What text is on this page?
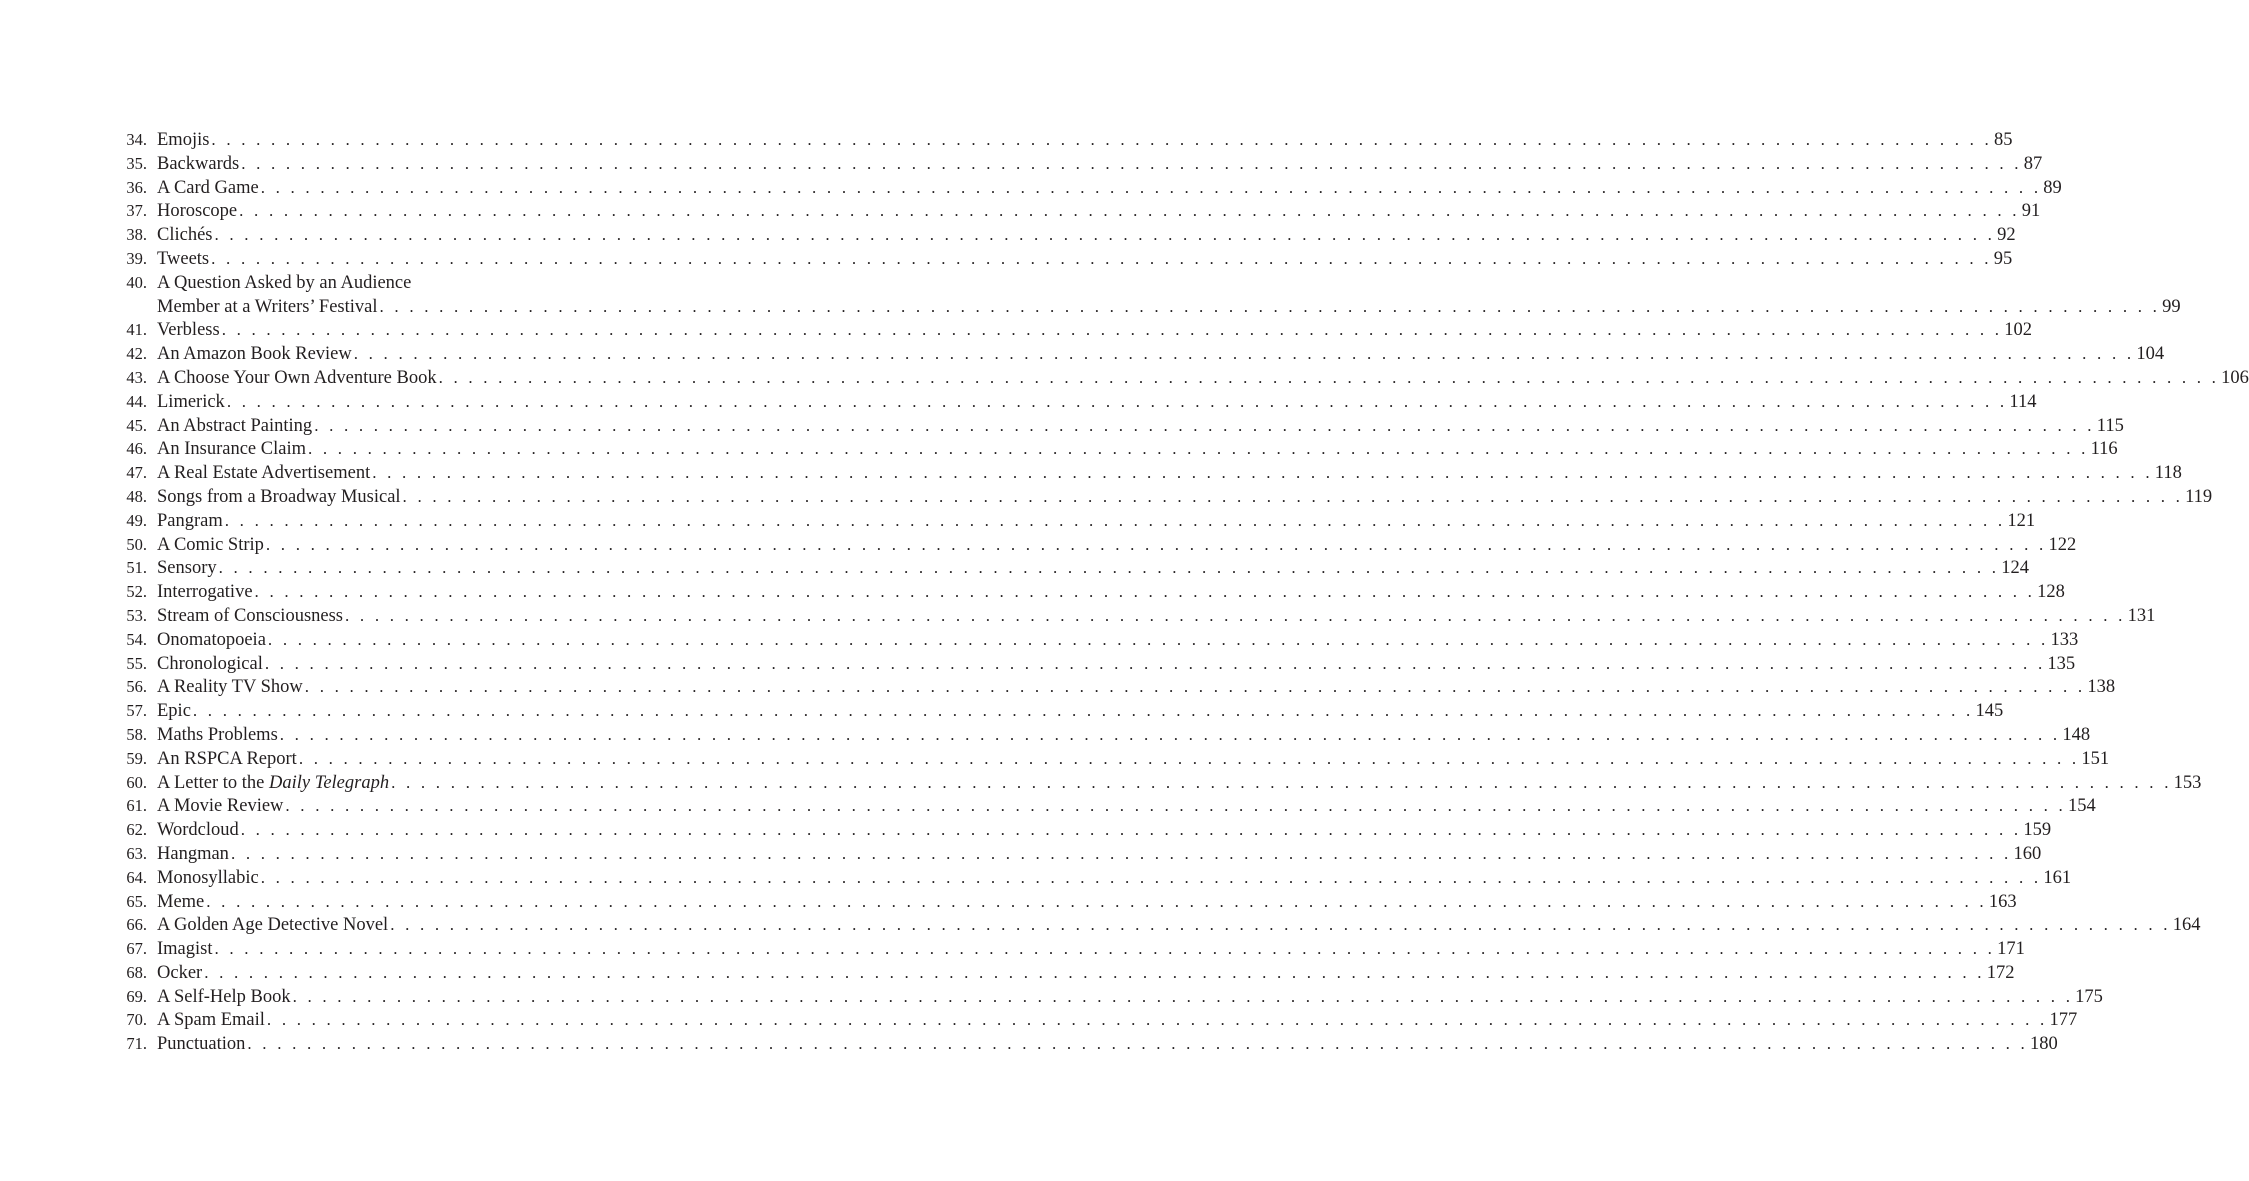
34. Emojis . . . . . . . . . . . . . . . . . . . . . . . . . . . . . . . . . . . . . . . . . . . . . . . . . . . . . . . . . . . . . . . . . . . . . . . . . . . . . . . . . . . . . . . . . . . . . . . . . . . . . . . . . . . . . . . . . . . . . . . . 85
35. Backwards . . . . . . . . . . . . . . . . . . . . . . . . . . . . . . . . . . . . . . . . . . . . . . . . . . . . . . . . . . . . . . . . . . . . . . . . . . . . . . . . . . . . . . . . . . . . . . . . . . . . . . . . . . . . . . . . . . . . . . . . 87
36. A Card Game . . . . . . . . . . . . . . . . . . . . . . . . . . . . . . . . . . . . . . . . . . . . . . . . . . . . . . . . . . . . . . . . . . . . . . . . . . . . . . . . . . . . . . . . . . . . . . . . . . . . . . . . . . . . . . . . . . . . . . . . 89
37. Horoscope . . . . . . . . . . . . . . . . . . . . . . . . . . . . . . . . . . . . . . . . . . . . . . . . . . . . . . . . . . . . . . . . . . . . . . . . . . . . . . . . . . . . . . . . . . . . . . . . . . . . . . . . . . . . . . . . . . . . . . . . 91
38. Clichés . . . . . . . . . . . . . . . . . . . . . . . . . . . . . . . . . . . . . . . . . . . . . . . . . . . . . . . . . . . . . . . . . . . . . . . . . . . . . . . . . . . . . . . . . . . . . . . . . . . . . . . . . . . . . . . . . . . . . . . . 92
39. Tweets . . . . . . . . . . . . . . . . . . . . . . . . . . . . . . . . . . . . . . . . . . . . . . . . . . . . . . . . . . . . . . . . . . . . . . . . . . . . . . . . . . . . . . . . . . . . . . . . . . . . . . . . . . . . . . . . . . . . . . . . 95
40. A Question Asked by an Audience
Member at a Writers’ Festival . . . . . . . . . . . . . . . . . . . . . . . . . . . . . . . . . . . . . . . . . . . . . . . . . . . . . . . . . . . . . . . . . . . . . . . . . . . . . . . . . . . . . . . . . . . . . . . . . . . . . . . . . . . . . . . . . . . . . . . . 99
41. Verbless . . . . . . . . . . . . . . . . . . . . . . . . . . . . . . . . . . . . . . . . . . . . . . . . . . . . . . . . . . . . . . . . . . . . . . . . . . . . . . . . . . . . . . . . . . . . . . . . . . . . . . . . . . . . . . . . . . . . . . . . 102
42. An Amazon Book Review . . . . . . . . . . . . . . . . . . . . . . . . . . . . . . . . . . . . . . . . . . . . . . . . . . . . . . . . . . . . . . . . . . . . . . . . . . . . . . . . . . . . . . . . . . . . . . . . . . . . . . . . . . . . . . . . . . . . . . . . 104
43. A Choose Your Own Adventure Book . . . . . . . . . . . . . . . . . . . . . . . . . . . . . . . . . . . . . . . . . . . . . . . . . . . . . . . . . . . . . . . . . . . . . . . . . . . . . . . . . . . . . . . . . . . . . . . . . . . . . . . . . . . . . . . . . . . . . . . . 106
44. Limerick . . . . . . . . . . . . . . . . . . . . . . . . . . . . . . . . . . . . . . . . . . . . . . . . . . . . . . . . . . . . . . . . . . . . . . . . . . . . . . . . . . . . . . . . . . . . . . . . . . . . . . . . . . . . . . . . . . . . . . . . 114
45. An Abstract Painting . . . . . . . . . . . . . . . . . . . . . . . . . . . . . . . . . . . . . . . . . . . . . . . . . . . . . . . . . . . . . . . . . . . . . . . . . . . . . . . . . . . . . . . . . . . . . . . . . . . . . . . . . . . . . . . . . . . . . . . . 115
46. An Insurance Claim . . . . . . . . . . . . . . . . . . . . . . . . . . . . . . . . . . . . . . . . . . . . . . . . . . . . . . . . . . . . . . . . . . . . . . . . . . . . . . . . . . . . . . . . . . . . . . . . . . . . . . . . . . . . . . . . . . . . . . . . 116
47. A Real Estate Advertisement . . . . . . . . . . . . . . . . . . . . . . . . . . . . . . . . . . . . . . . . . . . . . . . . . . . . . . . . . . . . . . . . . . . . . . . . . . . . . . . . . . . . . . . . . . . . . . . . . . . . . . . . . . . . . . . . . . . . . . . . 118
48. Songs from a Broadway Musical . . . . . . . . . . . . . . . . . . . . . . . . . . . . . . . . . . . . . . . . . . . . . . . . . . . . . . . . . . . . . . . . . . . . . . . . . . . . . . . . . . . . . . . . . . . . . . . . . . . . . . . . . . . . . . . . . . . . . . . . 119
49. Pangram . . . . . . . . . . . . . . . . . . . . . . . . . . . . . . . . . . . . . . . . . . . . . . . . . . . . . . . . . . . . . . . . . . . . . . . . . . . . . . . . . . . . . . . . . . . . . . . . . . . . . . . . . . . . . . . . . . . . . . . . 121
50. A Comic Strip . . . . . . . . . . . . . . . . . . . . . . . . . . . . . . . . . . . . . . . . . . . . . . . . . . . . . . . . . . . . . . . . . . . . . . . . . . . . . . . . . . . . . . . . . . . . . . . . . . . . . . . . . . . . . . . . . . . . . . . . 122
51. Sensory . . . . . . . . . . . . . . . . . . . . . . . . . . . . . . . . . . . . . . . . . . . . . . . . . . . . . . . . . . . . . . . . . . . . . . . . . . . . . . . . . . . . . . . . . . . . . . . . . . . . . . . . . . . . . . . . . . . . . . . . 124
52. Interrogative . . . . . . . . . . . . . . . . . . . . . . . . . . . . . . . . . . . . . . . . . . . . . . . . . . . . . . . . . . . . . . . . . . . . . . . . . . . . . . . . . . . . . . . . . . . . . . . . . . . . . . . . . . . . . . . . . . . . . . . . 128
53. Stream of Consciousness . . . . . . . . . . . . . . . . . . . . . . . . . . . . . . . . . . . . . . . . . . . . . . . . . . . . . . . . . . . . . . . . . . . . . . . . . . . . . . . . . . . . . . . . . . . . . . . . . . . . . . . . . . . . . . . . . . . . . . . . 131
54. Onomatopoeia . . . . . . . . . . . . . . . . . . . . . . . . . . . . . . . . . . . . . . . . . . . . . . . . . . . . . . . . . . . . . . . . . . . . . . . . . . . . . . . . . . . . . . . . . . . . . . . . . . . . . . . . . . . . . . . . . . . . . . . . 133
55. Chronological . . . . . . . . . . . . . . . . . . . . . . . . . . . . . . . . . . . . . . . . . . . . . . . . . . . . . . . . . . . . . . . . . . . . . . . . . . . . . . . . . . . . . . . . . . . . . . . . . . . . . . . . . . . . . . . . . . . . . . . . 135
56. A Reality TV Show . . . . . . . . . . . . . . . . . . . . . . . . . . . . . . . . . . . . . . . . . . . . . . . . . . . . . . . . . . . . . . . . . . . . . . . . . . . . . . . . . . . . . . . . . . . . . . . . . . . . . . . . . . . . . . . . . . . . . . . . 138
57. Epic . . . . . . . . . . . . . . . . . . . . . . . . . . . . . . . . . . . . . . . . . . . . . . . . . . . . . . . . . . . . . . . . . . . . . . . . . . . . . . . . . . . . . . . . . . . . . . . . . . . . . . . . . . . . . . . . . . . . . . . . 145
58. Maths Problems . . . . . . . . . . . . . . . . . . . . . . . . . . . . . . . . . . . . . . . . . . . . . . . . . . . . . . . . . . . . . . . . . . . . . . . . . . . . . . . . . . . . . . . . . . . . . . . . . . . . . . . . . . . . . . . . . . . . . . . . 148
59. An RSPCA Report . . . . . . . . . . . . . . . . . . . . . . . . . . . . . . . . . . . . . . . . . . . . . . . . . . . . . . . . . . . . . . . . . . . . . . . . . . . . . . . . . . . . . . . . . . . . . . . . . . . . . . . . . . . . . . . . . . . . . . . . 151
60. A Letter to the Daily Telegraph . . . . . . . . . . . . . . . . . . . . . . . . . . . . . . . . . . . . . . . . . . . . . . . . . . . . . . . . . . . . . . . . . . . . . . . . . . . . . . . . . . . . . . . . . . . . . . . . . . . . . . . . . . . . . . . . . . . . . . . . 153
61. A Movie Review . . . . . . . . . . . . . . . . . . . . . . . . . . . . . . . . . . . . . . . . . . . . . . . . . . . . . . . . . . . . . . . . . . . . . . . . . . . . . . . . . . . . . . . . . . . . . . . . . . . . . . . . . . . . . . . . . . . . . . . . 154
62. Wordcloud . . . . . . . . . . . . . . . . . . . . . . . . . . . . . . . . . . . . . . . . . . . . . . . . . . . . . . . . . . . . . . . . . . . . . . . . . . . . . . . . . . . . . . . . . . . . . . . . . . . . . . . . . . . . . . . . . . . . . . . . 159
63. Hangman . . . . . . . . . . . . . . . . . . . . . . . . . . . . . . . . . . . . . . . . . . . . . . . . . . . . . . . . . . . . . . . . . . . . . . . . . . . . . . . . . . . . . . . . . . . . . . . . . . . . . . . . . . . . . . . . . . . . . . . . 160
64. Monosyllabic . . . . . . . . . . . . . . . . . . . . . . . . . . . . . . . . . . . . . . . . . . . . . . . . . . . . . . . . . . . . . . . . . . . . . . . . . . . . . . . . . . . . . . . . . . . . . . . . . . . . . . . . . . . . . . . . . . . . . . . . 161
65. Meme . . . . . . . . . . . . . . . . . . . . . . . . . . . . . . . . . . . . . . . . . . . . . . . . . . . . . . . . . . . . . . . . . . . . . . . . . . . . . . . . . . . . . . . . . . . . . . . . . . . . . . . . . . . . . . . . . . . . . . . . 163
66. A Golden Age Detective Novel . . . . . . . . . . . . . . . . . . . . . . . . . . . . . . . . . . . . . . . . . . . . . . . . . . . . . . . . . . . . . . . . . . . . . . . . . . . . . . . . . . . . . . . . . . . . . . . . . . . . . . . . . . . . . . . . . . . . . . . . 164
67. Imagist . . . . . . . . . . . . . . . . . . . . . . . . . . . . . . . . . . . . . . . . . . . . . . . . . . . . . . . . . . . . . . . . . . . . . . . . . . . . . . . . . . . . . . . . . . . . . . . . . . . . . . . . . . . . . . . . . . . . . . . . 171
68. Ocker . . . . . . . . . . . . . . . . . . . . . . . . . . . . . . . . . . . . . . . . . . . . . . . . . . . . . . . . . . . . . . . . . . . . . . . . . . . . . . . . . . . . . . . . . . . . . . . . . . . . . . . . . . . . . . . . . . . . . . . . 172
69. A Self-Help Book . . . . . . . . . . . . . . . . . . . . . . . . . . . . . . . . . . . . . . . . . . . . . . . . . . . . . . . . . . . . . . . . . . . . . . . . . . . . . . . . . . . . . . . . . . . . . . . . . . . . . . . . . . . . . . . . . . . . . . . . 175
70. A Spam Email . . . . . . . . . . . . . . . . . . . . . . . . . . . . . . . . . . . . . . . . . . . . . . . . . . . . . . . . . . . . . . . . . . . . . . . . . . . . . . . . . . . . . . . . . . . . . . . . . . . . . . . . . . . . . . . . . . . . . . . . 177
71. Punctuation . . . . . . . . . . . . . . . . . . . . . . . . . . . . . . . . . . . . . . . . . . . . . . . . . . . . . . . . . . . . . . . . . . . . . . . . . . . . . . . . . . . . . . . . . . . . . . . . . . . . . . . . . . . . . . . . . . . . . . . . 180
